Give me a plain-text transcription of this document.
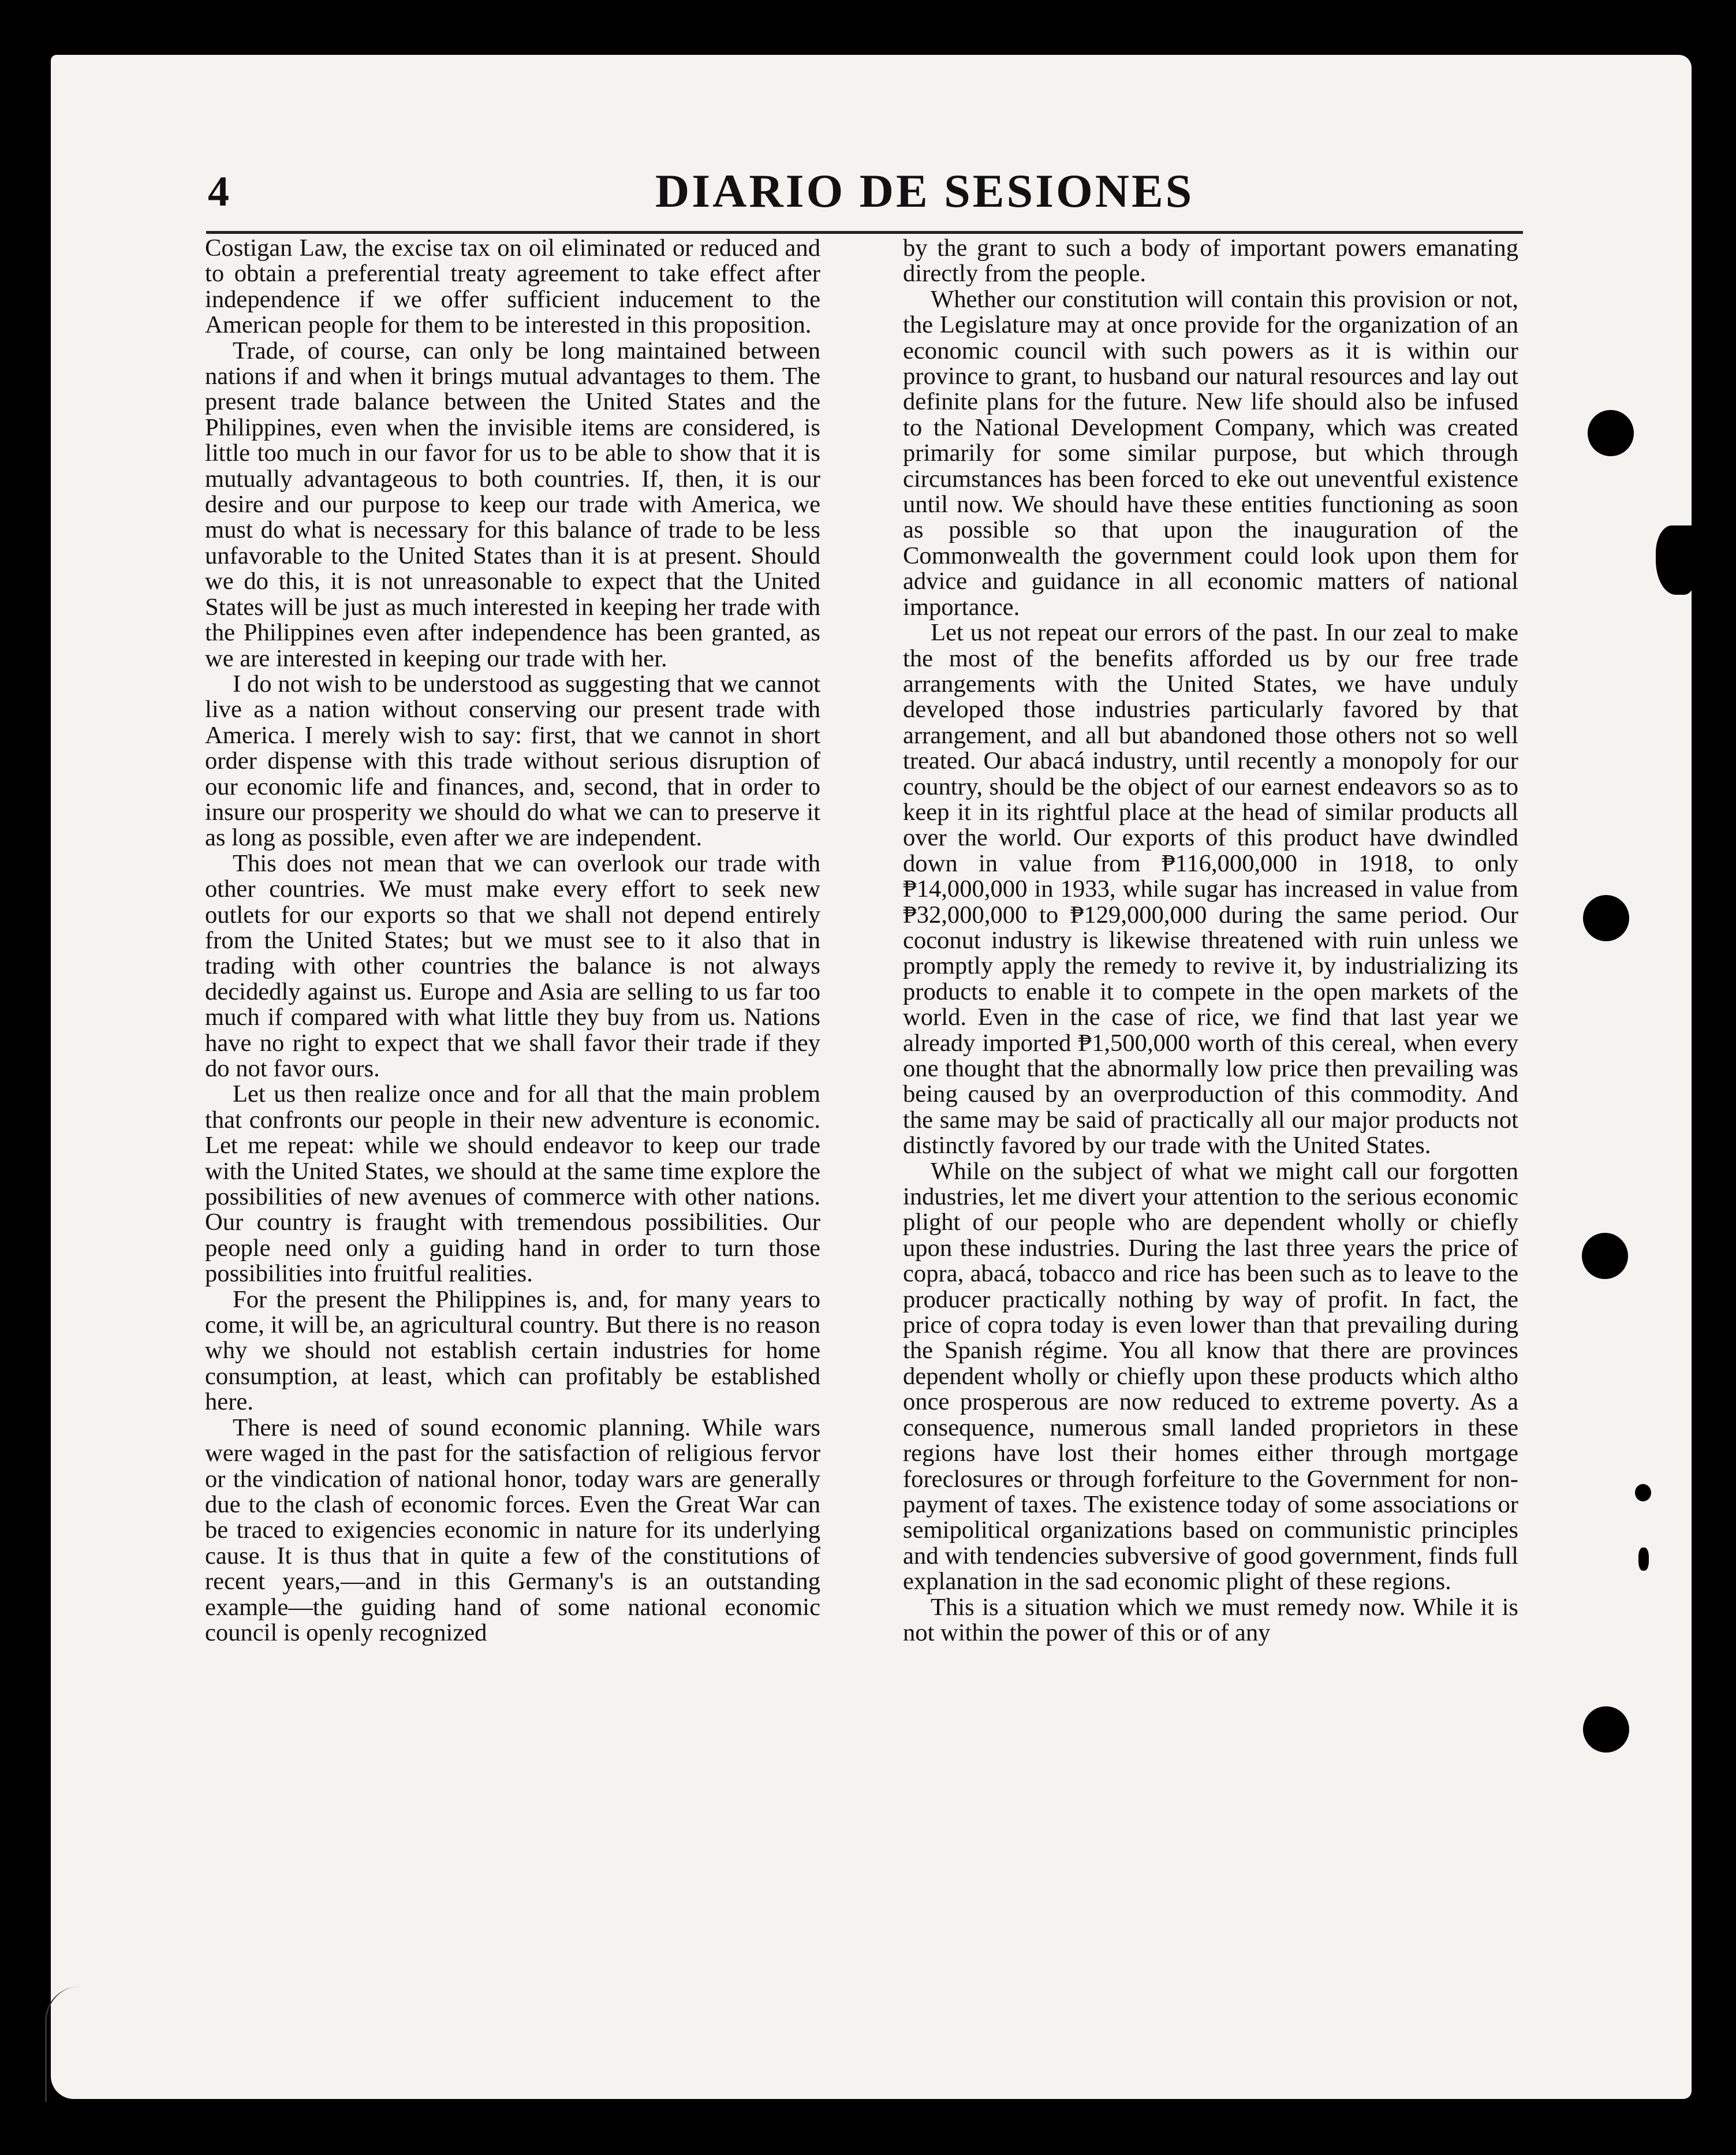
4	DIARIO DE SESIONES

Costigan Law, the excise tax on oil eliminated or reduced and to obtain a preferential treaty agreement to take effect after independence if we offer sufficient inducement to the American people for them to be interested in this proposition.

Trade, of course, can only be long maintained between nations if and when it brings mutual advantages to them. The present trade balance between the United States and the Philippines, even when the invisible items are considered, is little too much in our favor for us to be able to show that it is mutually advantageous to both countries. If, then, it is our desire and our purpose to keep our trade with America, we must do what is necessary for this balance of trade to be less unfavorable to the United States than it is at present. Should we do this, it is not unreasonable to expect that the United States will be just as much interested in keeping her trade with the Philippines even after independence has been granted, as we are interested in keeping our trade with her.

I do not wish to be understood as suggesting that we cannot live as a nation without conserving our present trade with America. I merely wish to say: first, that we cannot in short order dispense with this trade without serious disruption of our economic life and finances, and, second, that in order to insure our prosperity we should do what we can to preserve it as long as possible, even after we are independent.

This does not mean that we can overlook our trade with other countries. We must make every effort to seek new outlets for our exports so that we shall not depend entirely from the United States; but we must see to it also that in trading with other countries the balance is not always decidedly against us. Europe and Asia are selling to us far too much if compared with what little they buy from us. Nations have no right to expect that we shall favor their trade if they do not favor ours.

Let us then realize once and for all that the main problem that confronts our people in their new adventure is economic. Let me repeat: while we should endeavor to keep our trade with the United States, we should at the same time explore the possibilities of new avenues of commerce with other nations. Our country is fraught with tremendous possibilities. Our people need only a guiding hand in order to turn those possibilities into fruitful realities.

For the present the Philippines is, and, for many years to come, it will be, an agricultural country. But there is no reason why we should not establish certain industries for home consumption, at least, which can profitably be established here.

There is need of sound economic planning. While wars were waged in the past for the satisfaction of religious fervor or the vindication of national honor, today wars are generally due to the clash of economic forces. Even the Great War can be traced to exigencies economic in nature for its underlying cause. It is thus that in quite a few of the constitutions of recent years,—and in this Germany's is an outstanding example—the guiding hand of some national economic council is openly recognized

by the grant to such a body of important powers emanating directly from the people.

Whether our constitution will contain this provision or not, the Legislature may at once provide for the organization of an economic council with such powers as it is within our province to grant, to husband our natural resources and lay out definite plans for the future. New life should also be infused to the National Development Company, which was created primarily for some similar purpose, but which through circumstances has been forced to eke out uneventful existence until now. We should have these entities functioning as soon as possible so that upon the inauguration of the Commonwealth the government could look upon them for advice and guidance in all economic matters of national importance.

Let us not repeat our errors of the past. In our zeal to make the most of the benefits afforded us by our free trade arrangements with the United States, we have unduly developed those industries particularly favored by that arrangement, and all but abandoned those others not so well treated. Our abacá industry, until recently a monopoly for our country, should be the object of our earnest endeavors so as to keep it in its rightful place at the head of similar products all over the world. Our exports of this product have dwindled down in value from ₱116,000,000 in 1918, to only ₱14,000,000 in 1933, while sugar has increased in value from ₱32,000,000 to ₱129,000,000 during the same period. Our coconut industry is likewise threatened with ruin unless we promptly apply the remedy to revive it, by industrializing its products to enable it to compete in the open markets of the world. Even in the case of rice, we find that last year we already imported ₱1,500,000 worth of this cereal, when every one thought that the abnormally low price then prevailing was being caused by an overproduction of this commodity. And the same may be said of practically all our major products not distinctly favored by our trade with the United States.

While on the subject of what we might call our forgotten industries, let me divert your attention to the serious economic plight of our people who are dependent wholly or chiefly upon these industries. During the last three years the price of copra, abacá, tobacco and rice has been such as to leave to the producer practically nothing by way of profit. In fact, the price of copra today is even lower than that prevailing during the Spanish régime. You all know that there are provinces dependent wholly or chiefly upon these products which altho once prosperous are now reduced to extreme poverty. As a consequence, numerous small landed proprietors in these regions have lost their homes either through mortgage foreclosures or through forfeiture to the Government for non-payment of taxes. The existence today of some associations or semipolitical organizations based on communistic principles and with tendencies subversive of good government, finds full explanation in the sad economic plight of these regions.

This is a situation which we must remedy now. While it is not within the power of this or of any
